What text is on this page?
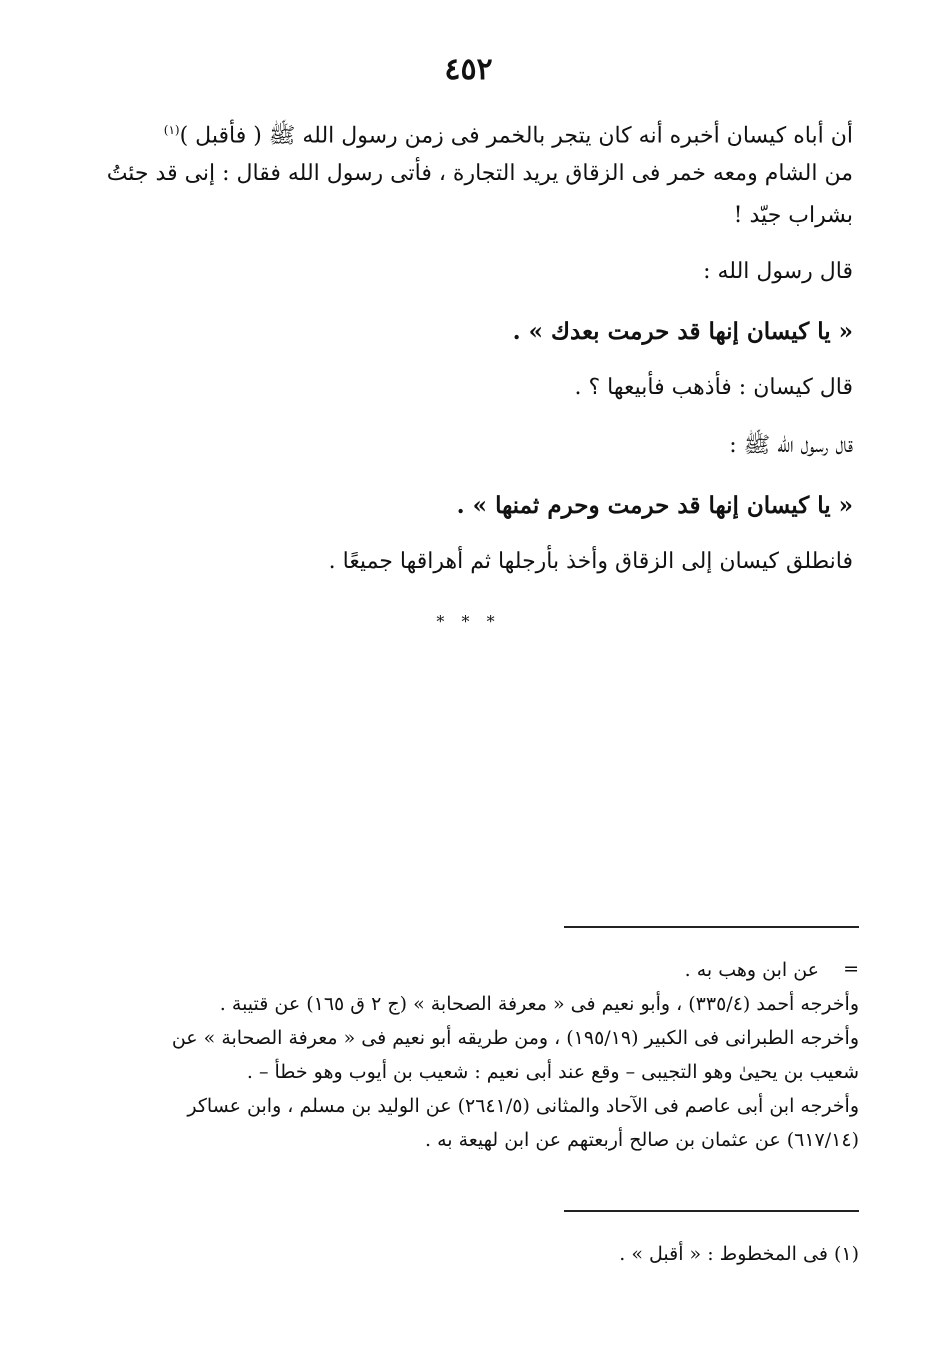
٤٥٢
أن أباه كيسان أخبره أنه كان يتجر بالخمر فى زمن رسول الله ﷺ ( فأقبل )$^{(١)}$
من الشام ومعه خمر فى الزقاق يريد التجارة ، فأتى رسول الله فقال : إنى قد جئتُ
بشراب جيّد !
قال رسول الله :
« يا كيسان إنها قد حرمت بعدك » .
قال كيسان : فأذهب فأبيعها ؟ .
قال رسول الله ﷺ :
« يا كيسان إنها قد حرمت وحرم ثمنها » .
فانطلق كيسان إلى الزقاق وأخذ بأرجلها ثم أهراقها جميعًا .
* * *
=
عن ابن وهب به .
وأخرجه أحمد (٣٣٥/٤) ، وأبو نعيم فى « معرفة الصحابة » (ج ٢ ق ١٦٥) عن قتيبة .
وأخرجه الطبرانى فى الكبير (١٩٥/١٩) ، ومن طريقه أبو نعيم فى « معرفة الصحابة » عن
شعيب بن يحيىٰ وهو التجيبى – وقع عند أبى نعيم : شعيب بن أيوب وهو خطأ – .
وأخرجه ابن أبى عاصم فى الآحاد والمثانى (٢٦٤١/٥) عن الوليد بن مسلم ، وابن عساكر
(٦١٧/١٤) عن عثمان بن صالح أربعتهم عن ابن لهيعة به .
(١) فى المخطوط : « أقبل » .
